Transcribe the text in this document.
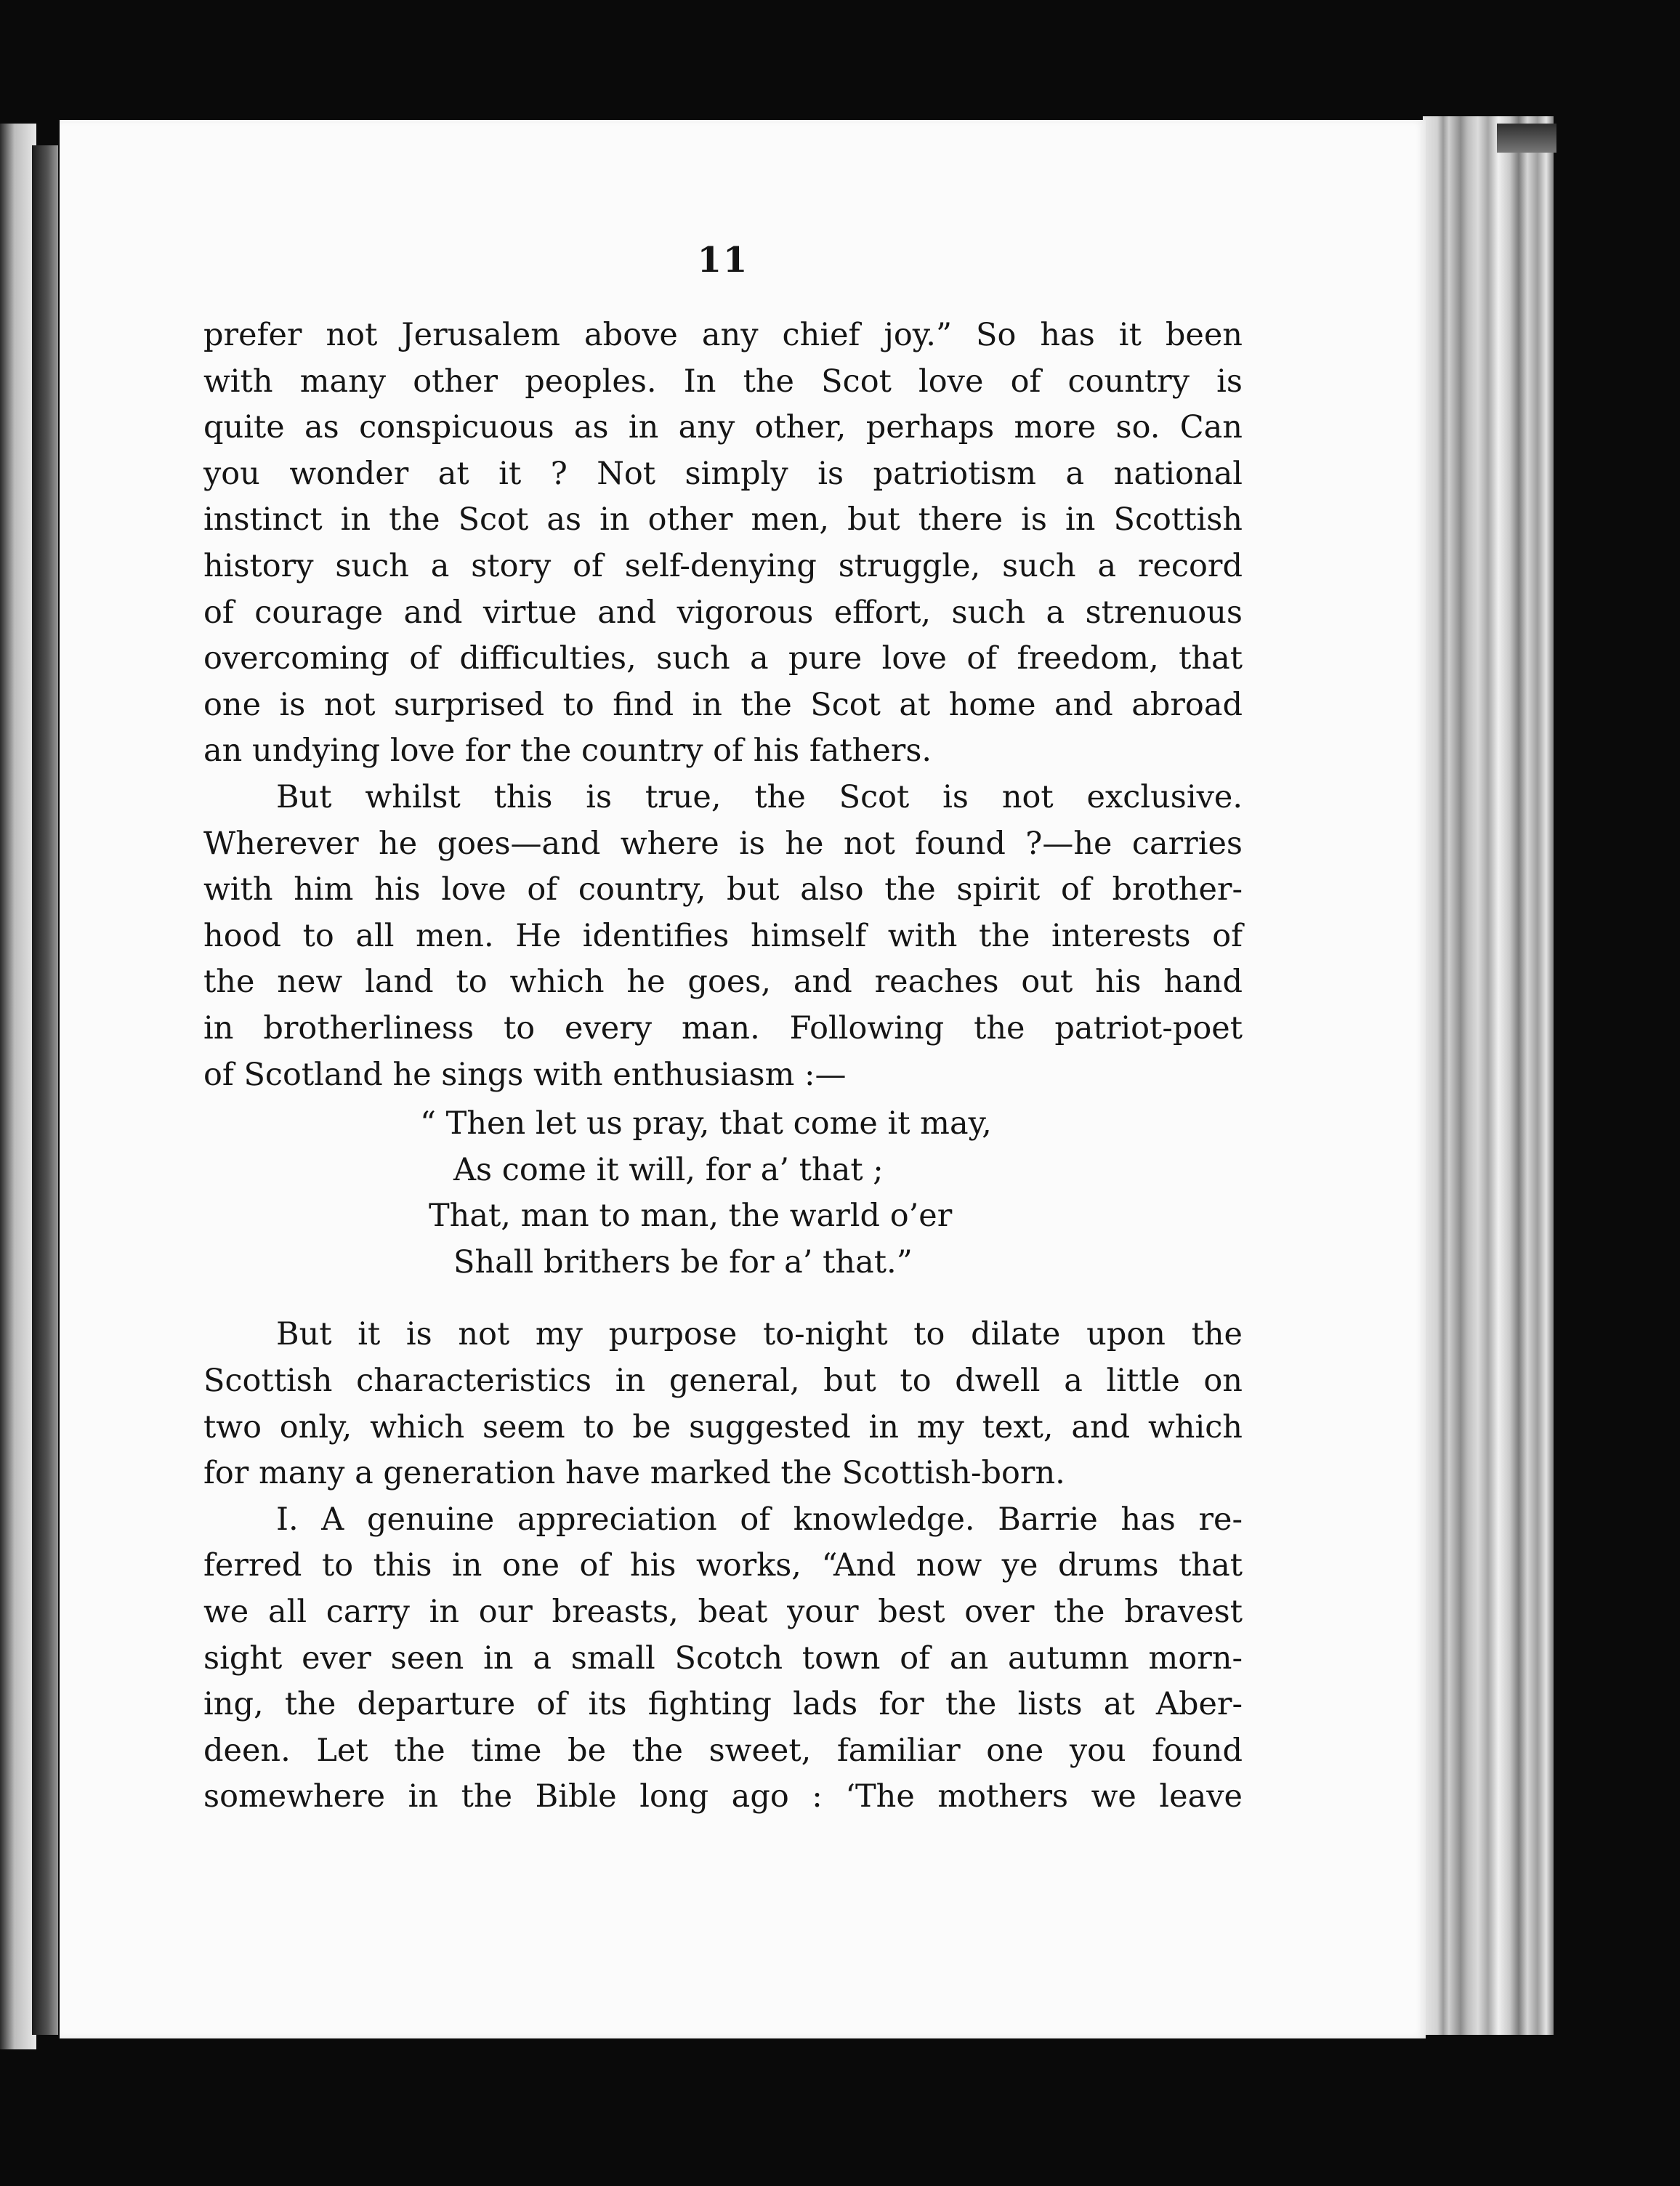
11
prefer not Jerusalem above any chief joy.” So has it been
with many other peoples. In the Scot love of country is
quite as conspicuous as in any other, perhaps more so. Can
you wonder at it ? Not simply is patriotism a national
instinct in the Scot as in other men, but there is in Scottish
history such a story of self-denying struggle, such a record
of courage and virtue and vigorous effort, such a strenuous
overcoming of difficulties, such a pure love of freedom, that
one is not surprised to find in the Scot at home and abroad
an undying love for the country of his fathers.
But whilst this is true, the Scot is not exclusive.
Wherever he goes—and where is he not found ?—he carries
with him his love of country, but also the spirit of brother-
hood to all men. He identifies himself with the interests of
the new land to which he goes, and reaches out his hand
in brotherliness to every man. Following the patriot-poet
of Scotland he sings with enthusiasm :—
“ Then let us pray, that come it may,
As come it will, for a’ that ;
That, man to man, the warld o’er
Shall brithers be for a’ that.”
But it is not my purpose to-night to dilate upon the
Scottish characteristics in general, but to dwell a little on
two only, which seem to be suggested in my text, and which
for many a generation have marked the Scottish-born.
I. A genuine appreciation of knowledge. Barrie has re-
ferred to this in one of his works, “And now ye drums that
we all carry in our breasts, beat your best over the bravest
sight ever seen in a small Scotch town of an autumn morn-
ing, the departure of its fighting lads for the lists at Aber-
deen. Let the time be the sweet, familiar one you found
somewhere in the Bible long ago : ‘The mothers we leave
